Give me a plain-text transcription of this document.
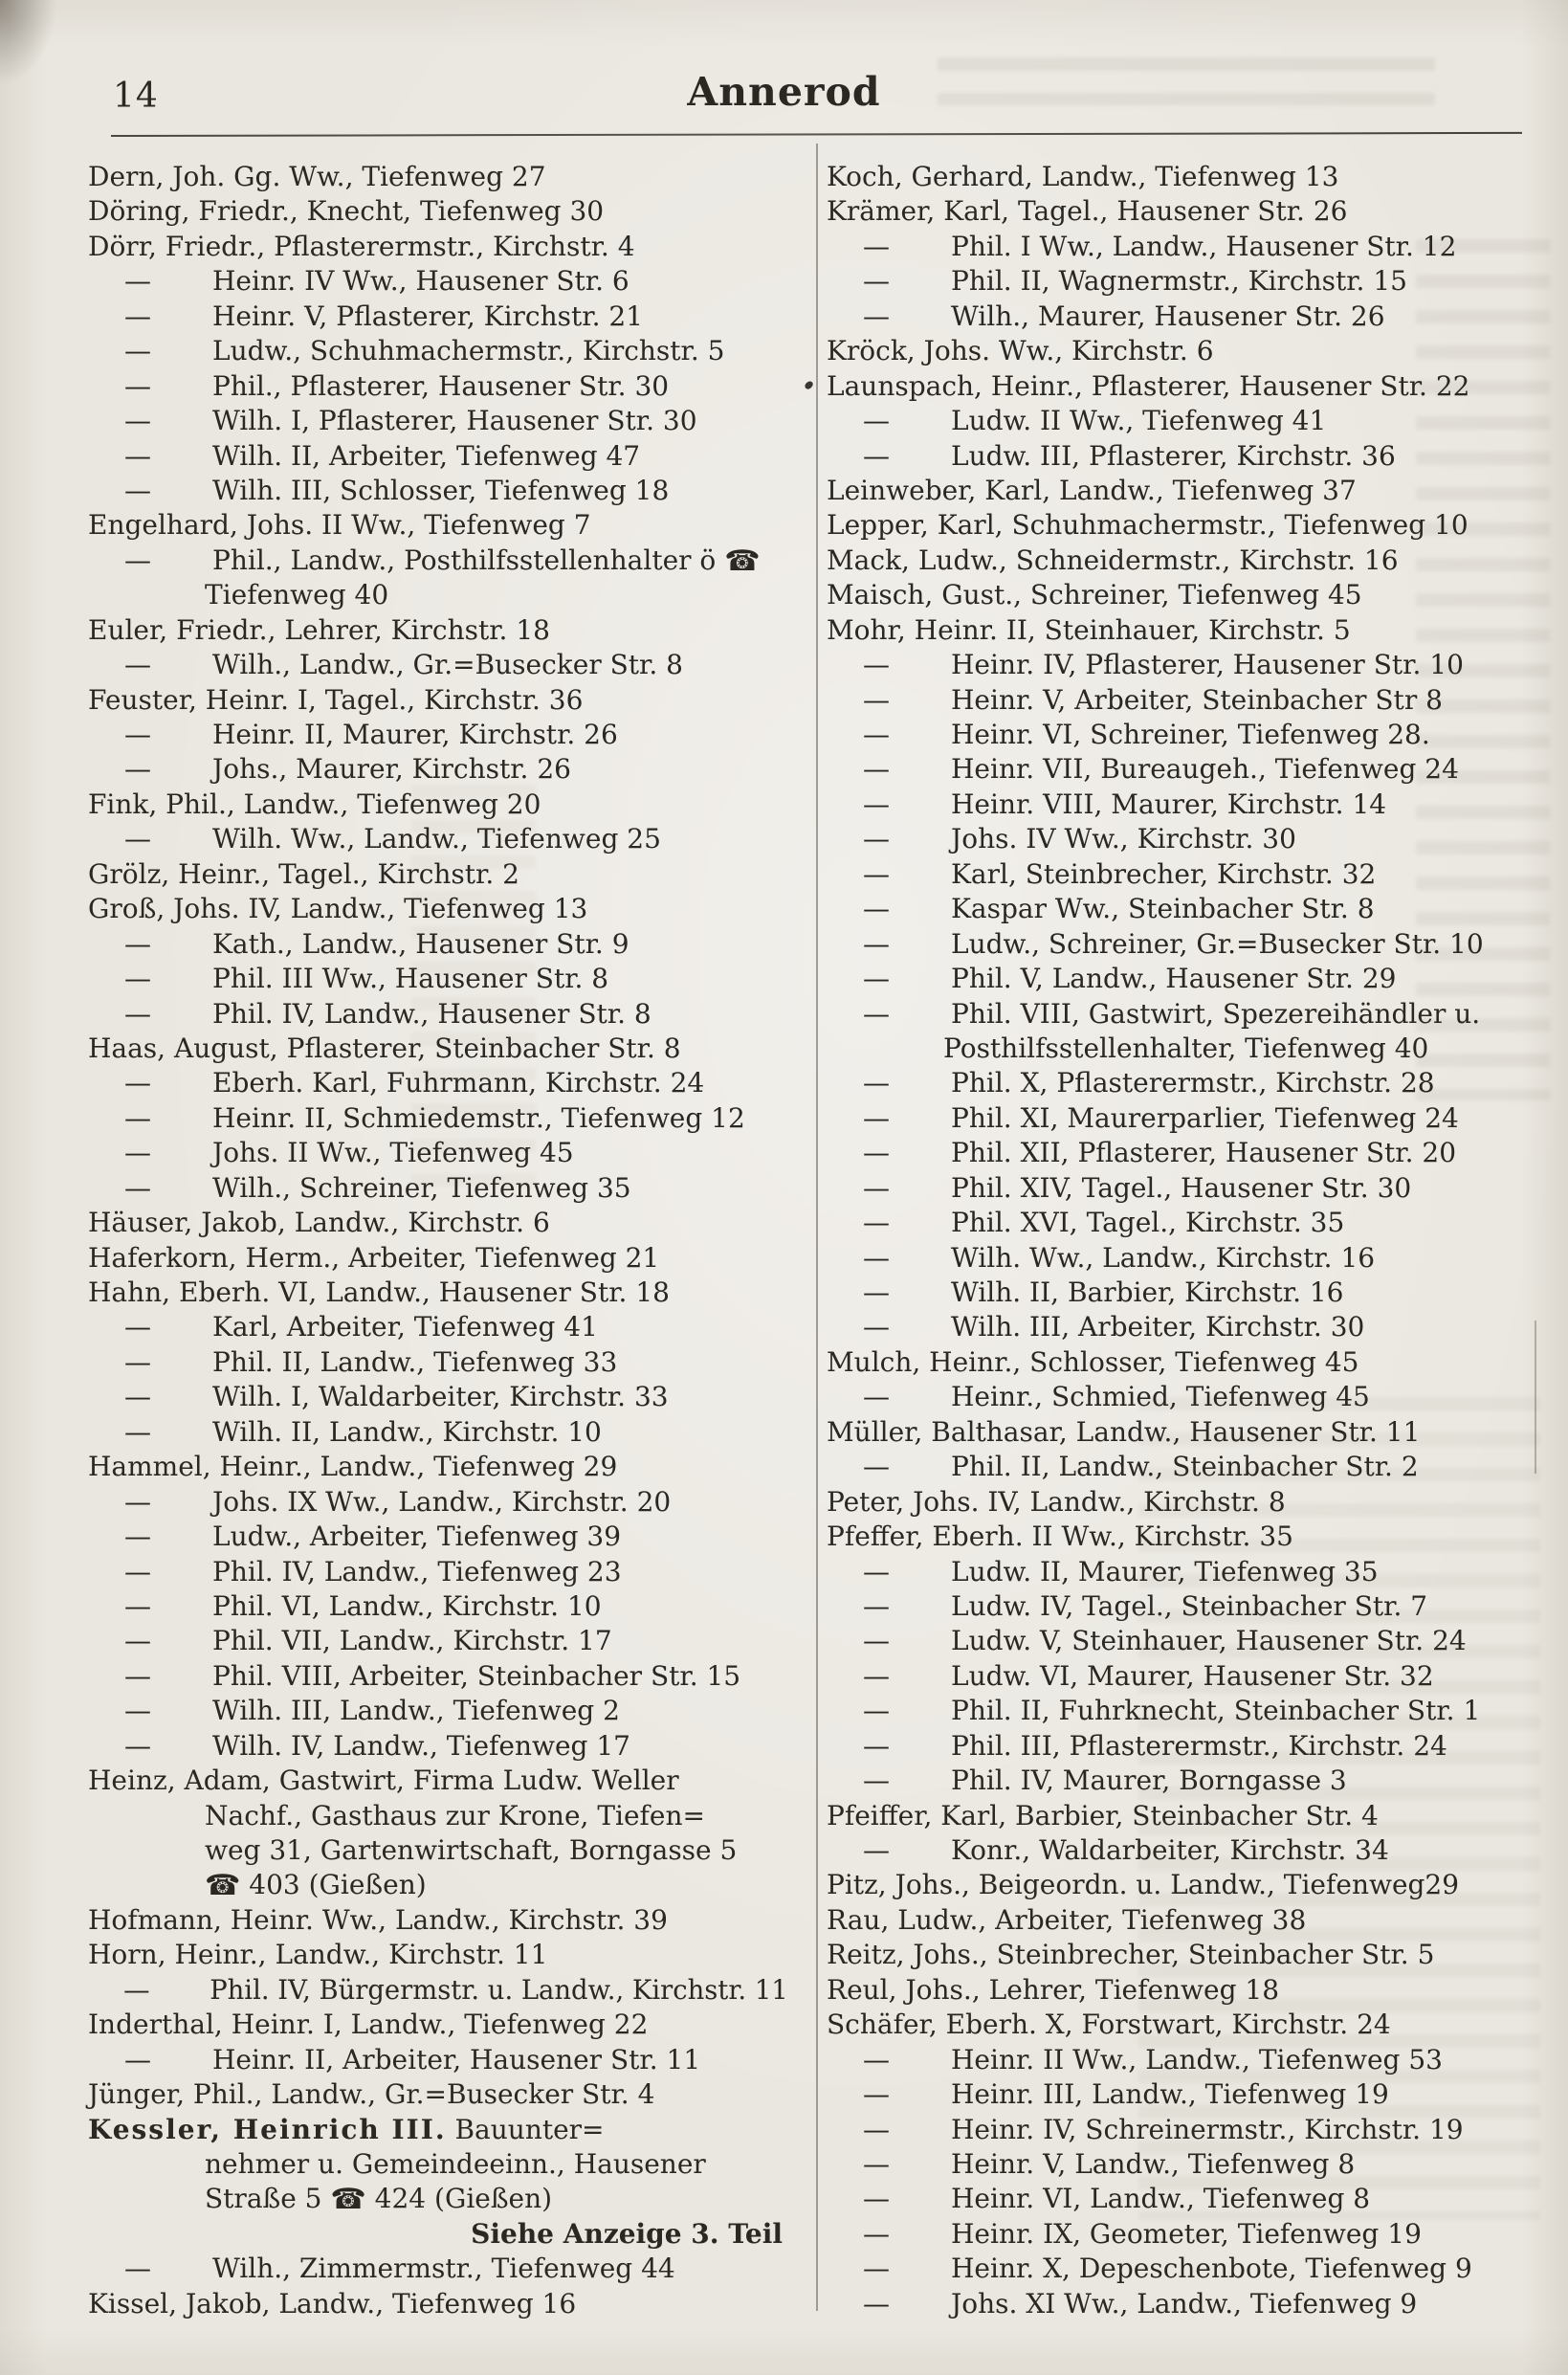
14	Annerod
Dern, Joh. Gg. Ww., Tiefenweg 27
Döring, Friedr., Knecht, Tiefenweg 30
Dörr, Friedr., Pflasterermstr., Kirchstr. 4
— Heinr. IV Ww., Hausener Str. 6
— Heinr. V, Pflasterer, Kirchstr. 21
— Ludw., Schuhmachermstr., Kirchstr. 5
— Phil., Pflasterer, Hausener Str. 30
— Wilh. I, Pflasterer, Hausener Str. 30
— Wilh. II, Arbeiter, Tiefenweg 47
— Wilh. III, Schlosser, Tiefenweg 18
Engelhard, Johs. II Ww., Tiefenweg 7
— Phil., Landw., Posthilfsstellenhalter ö ☎
Tiefenweg 40
Euler, Friedr., Lehrer, Kirchstr. 18
— Wilh., Landw., Gr.=Busecker Str. 8
Feuster, Heinr. I, Tagel., Kirchstr. 36
— Heinr. II, Maurer, Kirchstr. 26
— Johs., Maurer, Kirchstr. 26
Fink, Phil., Landw., Tiefenweg 20
— Wilh. Ww., Landw., Tiefenweg 25
Grölz, Heinr., Tagel., Kirchstr. 2
Groß, Johs. IV, Landw., Tiefenweg 13
— Kath., Landw., Hausener Str. 9
— Phil. III Ww., Hausener Str. 8
— Phil. IV, Landw., Hausener Str. 8
Haas, August, Pflasterer, Steinbacher Str. 8
— Eberh. Karl, Fuhrmann, Kirchstr. 24
— Heinr. II, Schmiedemstr., Tiefenweg 12
— Johs. II Ww., Tiefenweg 45
— Wilh., Schreiner, Tiefenweg 35
Häuser, Jakob, Landw., Kirchstr. 6
Haferkorn, Herm., Arbeiter, Tiefenweg 21
Hahn, Eberh. VI, Landw., Hausener Str. 18
— Karl, Arbeiter, Tiefenweg 41
— Phil. II, Landw., Tiefenweg 33
— Wilh. I, Waldarbeiter, Kirchstr. 33
— Wilh. II, Landw., Kirchstr. 10
Hammel, Heinr., Landw., Tiefenweg 29
— Johs. IX Ww., Landw., Kirchstr. 20
— Ludw., Arbeiter, Tiefenweg 39
— Phil. IV, Landw., Tiefenweg 23
— Phil. VI, Landw., Kirchstr. 10
— Phil. VII, Landw., Kirchstr. 17
— Phil. VIII, Arbeiter, Steinbacher Str. 15
— Wilh. III, Landw., Tiefenweg 2
— Wilh. IV, Landw., Tiefenweg 17
Heinz, Adam, Gastwirt, Firma Ludw. Weller
Nachf., Gasthaus zur Krone, Tiefen=
weg 31, Gartenwirtschaft, Borngasse 5
☎ 403 (Gießen)
Hofmann, Heinr. Ww., Landw., Kirchstr. 39
Horn, Heinr., Landw., Kirchstr. 11
— Phil. IV, Bürgermstr. u. Landw., Kirchstr. 11
Inderthal, Heinr. I, Landw., Tiefenweg 22
— Heinr. II, Arbeiter, Hausener Str. 11
Jünger, Phil., Landw., Gr.=Busecker Str. 4
Kessler, Heinrich III. Bauunter=
nehmer u. Gemeindeeinn., Hausener
Straße 5 ☎ 424 (Gießen)
Siehe Anzeige 3. Teil
— Wilh., Zimmermstr., Tiefenweg 44
Kissel, Jakob, Landw., Tiefenweg 16
Koch, Gerhard, Landw., Tiefenweg 13
Krämer, Karl, Tagel., Hausener Str. 26
— Phil. I Ww., Landw., Hausener Str. 12
— Phil. II, Wagnermstr., Kirchstr. 15
— Wilh., Maurer, Hausener Str. 26
Kröck, Johs. Ww., Kirchstr. 6
Launspach, Heinr., Pflasterer, Hausener Str. 22
— Ludw. II Ww., Tiefenweg 41
— Ludw. III, Pflasterer, Kirchstr. 36
Leinweber, Karl, Landw., Tiefenweg 37
Lepper, Karl, Schuhmachermstr., Tiefenweg 10
Mack, Ludw., Schneidermstr., Kirchstr. 16
Maisch, Gust., Schreiner, Tiefenweg 45
Mohr, Heinr. II, Steinhauer, Kirchstr. 5
— Heinr. IV, Pflasterer, Hausener Str. 10
— Heinr. V, Arbeiter, Steinbacher Str 8
— Heinr. VI, Schreiner, Tiefenweg 28.
— Heinr. VII, Bureaugeh., Tiefenweg 24
— Heinr. VIII, Maurer, Kirchstr. 14
— Johs. IV Ww., Kirchstr. 30
— Karl, Steinbrecher, Kirchstr. 32
— Kaspar Ww., Steinbacher Str. 8
— Ludw., Schreiner, Gr.=Busecker Str. 10
— Phil. V, Landw., Hausener Str. 29
— Phil. VIII, Gastwirt, Spezereihändler u.
Posthilfsstellenhalter, Tiefenweg 40
— Phil. X, Pflasterermstr., Kirchstr. 28
— Phil. XI, Maurerparlier, Tiefenweg 24
— Phil. XII, Pflasterer, Hausener Str. 20
— Phil. XIV, Tagel., Hausener Str. 30
— Phil. XVI, Tagel., Kirchstr. 35
— Wilh. Ww., Landw., Kirchstr. 16
— Wilh. II, Barbier, Kirchstr. 16
— Wilh. III, Arbeiter, Kirchstr. 30
Mulch, Heinr., Schlosser, Tiefenweg 45
— Heinr., Schmied, Tiefenweg 45
Müller, Balthasar, Landw., Hausener Str. 11
— Phil. II, Landw., Steinbacher Str. 2
Peter, Johs. IV, Landw., Kirchstr. 8
Pfeffer, Eberh. II Ww., Kirchstr. 35
— Ludw. II, Maurer, Tiefenweg 35
— Ludw. IV, Tagel., Steinbacher Str. 7
— Ludw. V, Steinhauer, Hausener Str. 24
— Ludw. VI, Maurer, Hausener Str. 32
— Phil. II, Fuhrknecht, Steinbacher Str. 1
— Phil. III, Pflasterermstr., Kirchstr. 24
— Phil. IV, Maurer, Borngasse 3
Pfeiffer, Karl, Barbier, Steinbacher Str. 4
— Konr., Waldarbeiter, Kirchstr. 34
Pitz, Johs., Beigeordn. u. Landw., Tiefenweg29
Rau, Ludw., Arbeiter, Tiefenweg 38
Reitz, Johs., Steinbrecher, Steinbacher Str. 5
Reul, Johs., Lehrer, Tiefenweg 18
Schäfer, Eberh. X, Forstwart, Kirchstr. 24
— Heinr. II Ww., Landw., Tiefenweg 53
— Heinr. III, Landw., Tiefenweg 19
— Heinr. IV, Schreinermstr., Kirchstr. 19
— Heinr. V, Landw., Tiefenweg 8
— Heinr. VI, Landw., Tiefenweg 8
— Heinr. IX, Geometer, Tiefenweg 19
— Heinr. X, Depeschenbote, Tiefenweg 9
— Johs. XI Ww., Landw., Tiefenweg 9
